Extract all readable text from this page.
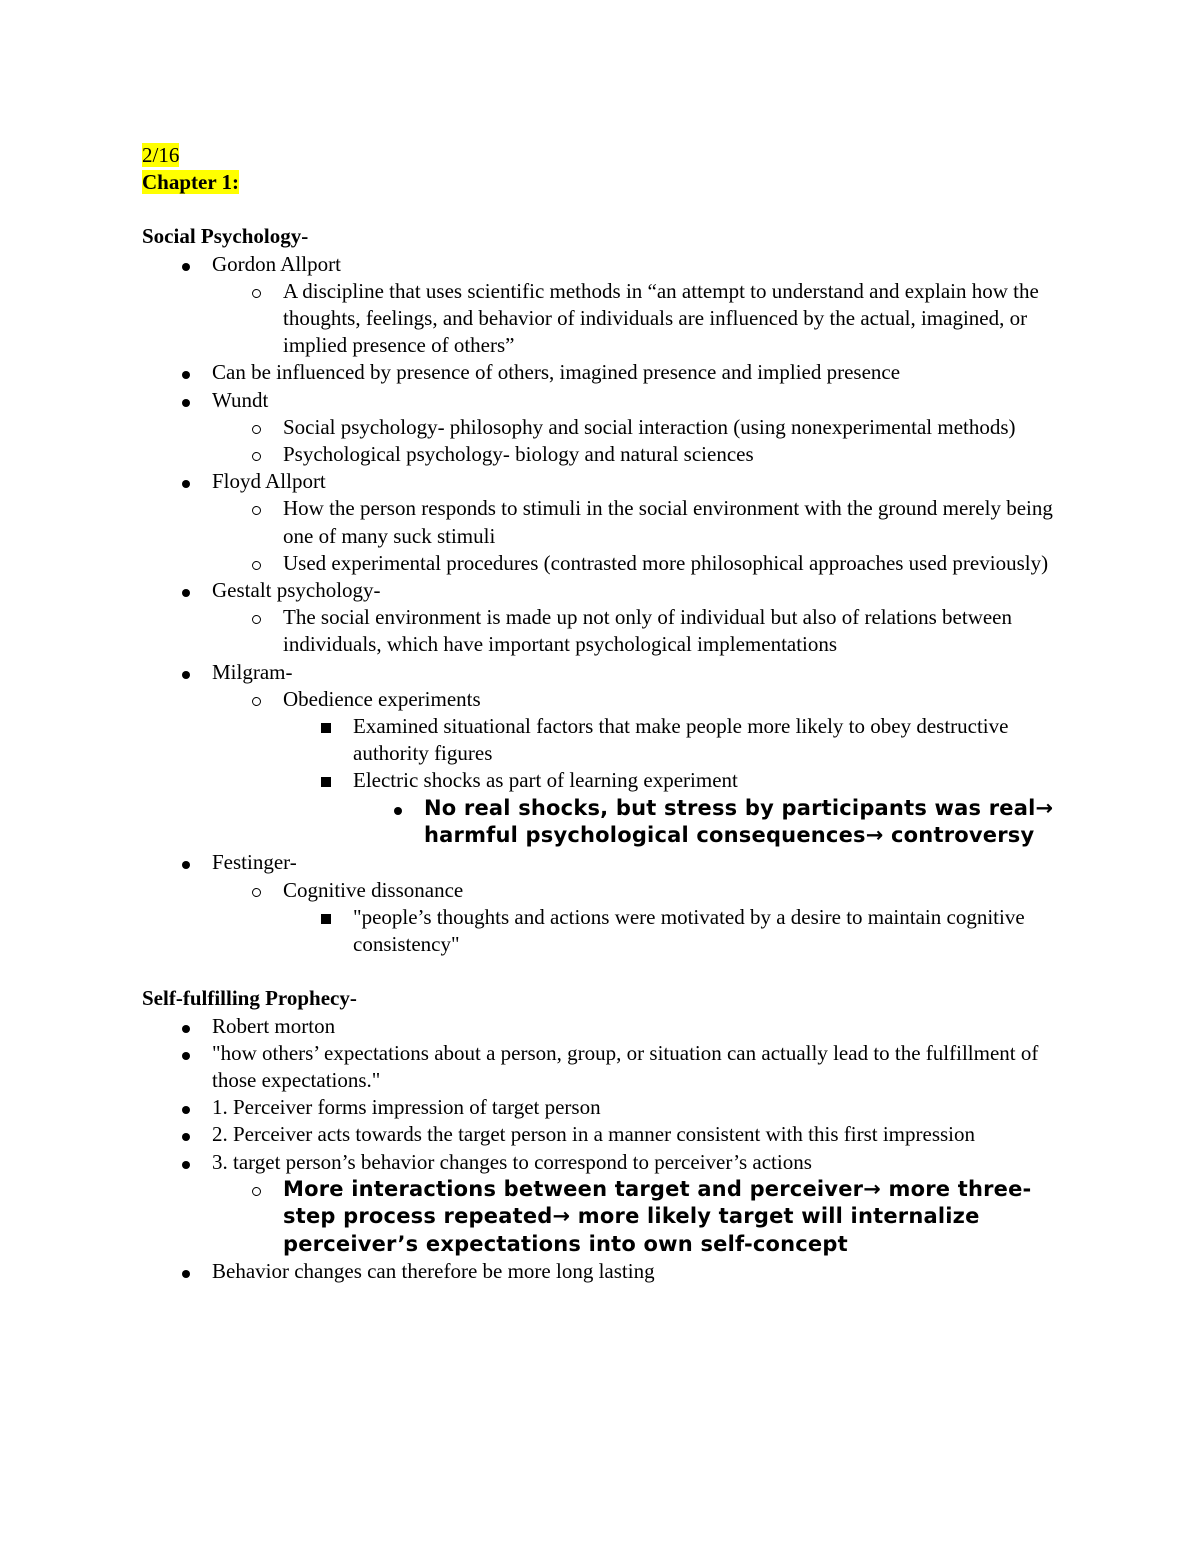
2/16

Chapter 1:

Social Psychology-

Gordon Allport
A discipline that uses scientific methods in “an attempt to understand and explain how the thoughts, feelings, and behavior of individuals are influenced by the actual, imagined, or implied presence of others”
Can be influenced by presence of others, imagined presence and implied presence
Wundt
Social psychology- philosophy and social interaction (using nonexperimental methods)
Psychological psychology- biology and natural sciences
Floyd Allport
How the person responds to stimuli in the social environment with the ground merely being one of many suck stimuli
Used experimental procedures (contrasted more philosophical approaches used previously)
Gestalt psychology-
The social environment is made up not only of individual but also of relations between individuals, which have important psychological implementations
Milgram-
Obedience experiments
Examined situational factors that make people more likely to obey destructive authority figures
Electric shocks as part of learning experiment
No real shocks, but stress by participants was real→ harmful psychological consequences→ controversy
Festinger-
Cognitive dissonance
"people’s thoughts and actions were motivated by a desire to maintain cognitive consistency"

Self-fulfilling Prophecy-

Robert morton
"how others’ expectations about a person, group, or situation can actually lead to the fulfillment of those expectations."
1. Perceiver forms impression of target person
2. Perceiver acts towards the target person in a manner consistent with this first impression
3. target person’s behavior changes to correspond to perceiver’s actions
More interactions between target and perceiver→ more three-step process repeated→ more likely target will internalize perceiver’s expectations into own self-concept
Behavior changes can therefore be more long lasting
